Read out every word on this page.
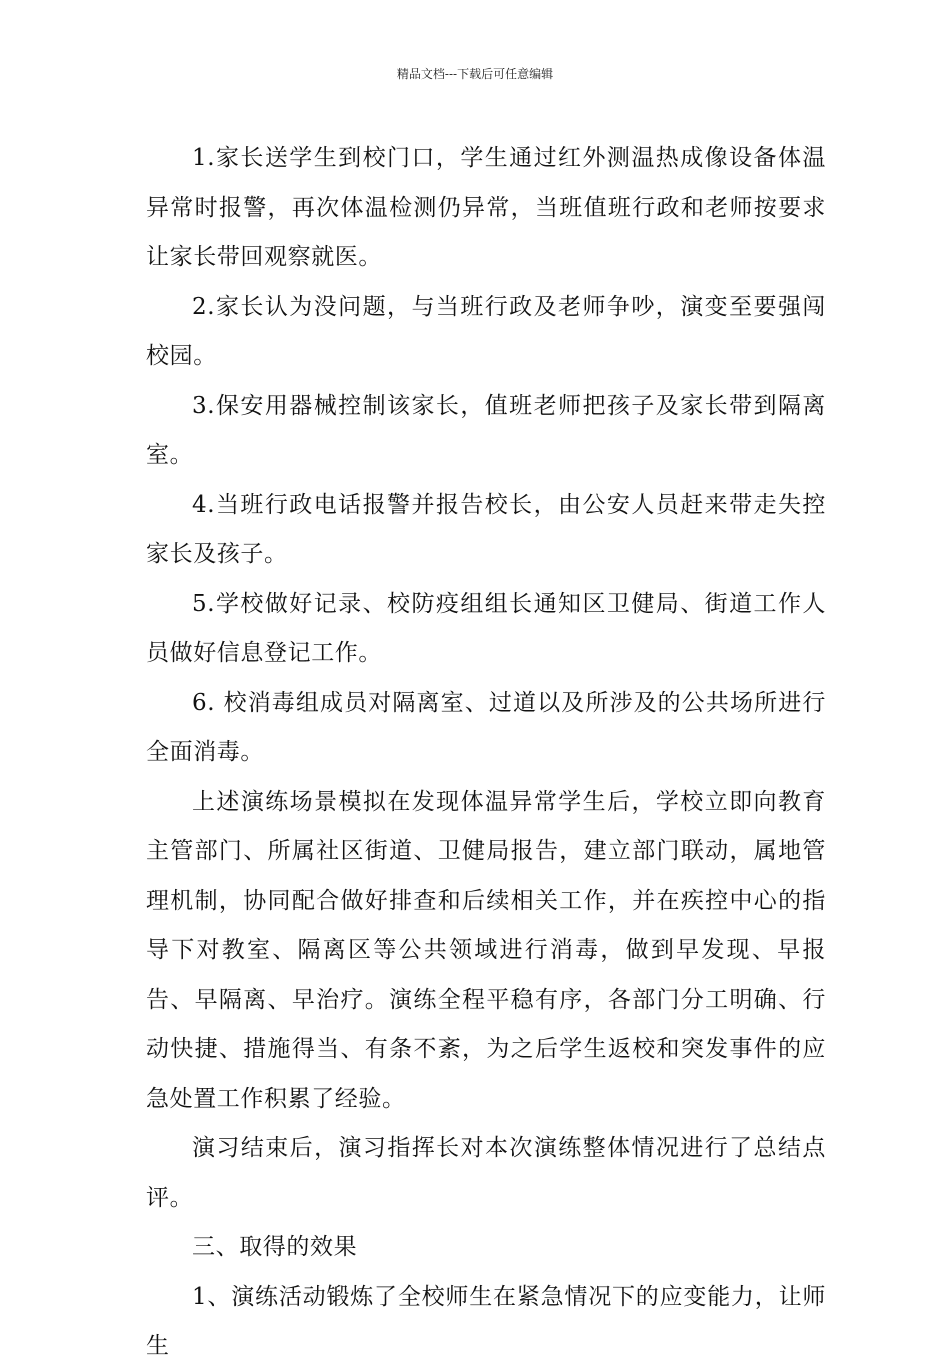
精品文档---下载后可任意编辑

1.家长送学生到校门口，学生通过红外测温热成像设备体温异常时报警，再次体温检测仍异常，当班值班行政和老师按要求让家长带回观察就医。

2.家长认为没问题，与当班行政及老师争吵，演变至要强闯校园。

3.保安用器械控制该家长，值班老师把孩子及家长带到隔离室。

4.当班行政电话报警并报告校长，由公安人员赶来带走失控家长及孩子。

5.学校做好记录、校防疫组组长通知区卫健局、街道工作人员做好信息登记工作。

6. 校消毒组成员对隔离室、过道以及所涉及的公共场所进行全面消毒。

上述演练场景模拟在发现体温异常学生后，学校立即向教育主管部门、所属社区街道、卫健局报告，建立部门联动，属地管理机制，协同配合做好排查和后续相关工作，并在疾控中心的指导下对教室、隔离区等公共领域进行消毒，做到早发现、早报告、早隔离、早治疗。演练全程平稳有序，各部门分工明确、行动快捷、措施得当、有条不紊，为之后学生返校和突发事件的应急处置工作积累了经验。

演习结束后，演习指挥长对本次演练整体情况进行了总结点评。

三、取得的效果

1、演练活动锻炼了全校师生在紧急情况下的应变能力，让师生
